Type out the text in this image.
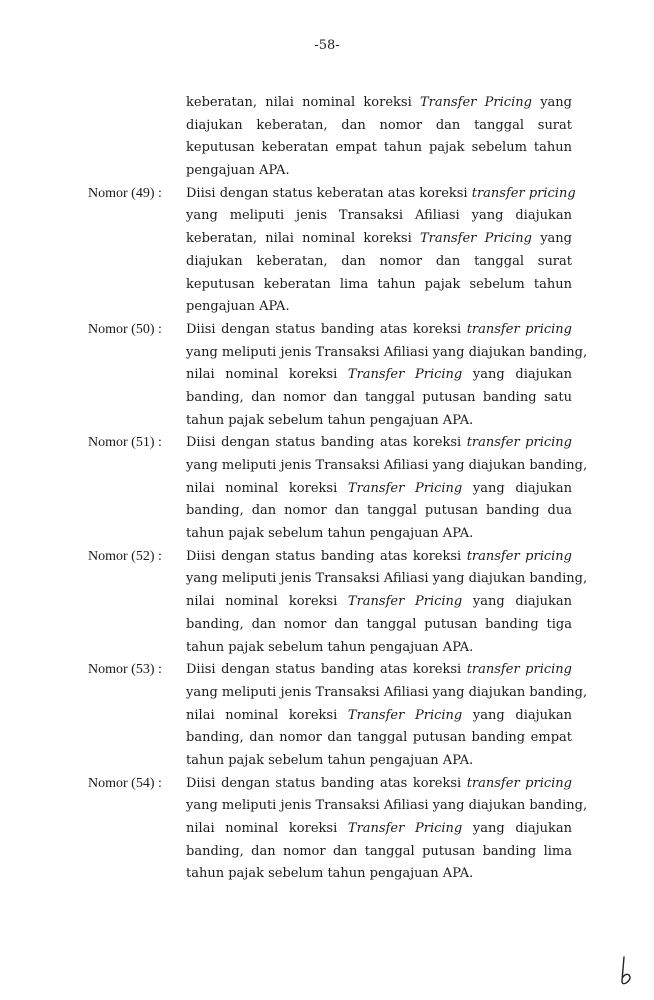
-58-
keberatan, nilai nominal koreksi Transfer Pricing yang
diajukan keberatan, dan nomor dan tanggal surat
keputusan keberatan empat tahun pajak sebelum tahun
pengajuan APA.
Nomor (49) :	Diisi dengan status keberatan atas koreksi transfer pricing
yang meliputi jenis Transaksi Afiliasi yang diajukan
keberatan, nilai nominal koreksi Transfer Pricing yang
diajukan keberatan, dan nomor dan tanggal surat
keputusan keberatan lima tahun pajak sebelum tahun
pengajuan APA.
Nomor (50) :	Diisi dengan status banding atas koreksi transfer pricing
yang meliputi jenis Transaksi Afiliasi yang diajukan banding,
nilai nominal koreksi Transfer Pricing yang diajukan
banding, dan nomor dan tanggal putusan banding satu
tahun pajak sebelum tahun pengajuan APA.
Nomor (51) :	Diisi dengan status banding atas koreksi transfer pricing
yang meliputi jenis Transaksi Afiliasi yang diajukan banding,
nilai nominal koreksi Transfer Pricing yang diajukan
banding, dan nomor dan tanggal putusan banding dua
tahun pajak sebelum tahun pengajuan APA.
Nomor (52) :	Diisi dengan status banding atas koreksi transfer pricing
yang meliputi jenis Transaksi Afiliasi yang diajukan banding,
nilai nominal koreksi Transfer Pricing yang diajukan
banding, dan nomor dan tanggal putusan banding tiga
tahun pajak sebelum tahun pengajuan APA.
Nomor (53) :	Diisi dengan status banding atas koreksi transfer pricing
yang meliputi jenis Transaksi Afiliasi yang diajukan banding,
nilai nominal koreksi Transfer Pricing yang diajukan
banding, dan nomor dan tanggal putusan banding empat
tahun pajak sebelum tahun pengajuan APA.
Nomor (54) :	Diisi dengan status banding atas koreksi transfer pricing
yang meliputi jenis Transaksi Afiliasi yang diajukan banding,
nilai nominal koreksi Transfer Pricing yang diajukan
banding, dan nomor dan tanggal putusan banding lima
tahun pajak sebelum tahun pengajuan APA.
